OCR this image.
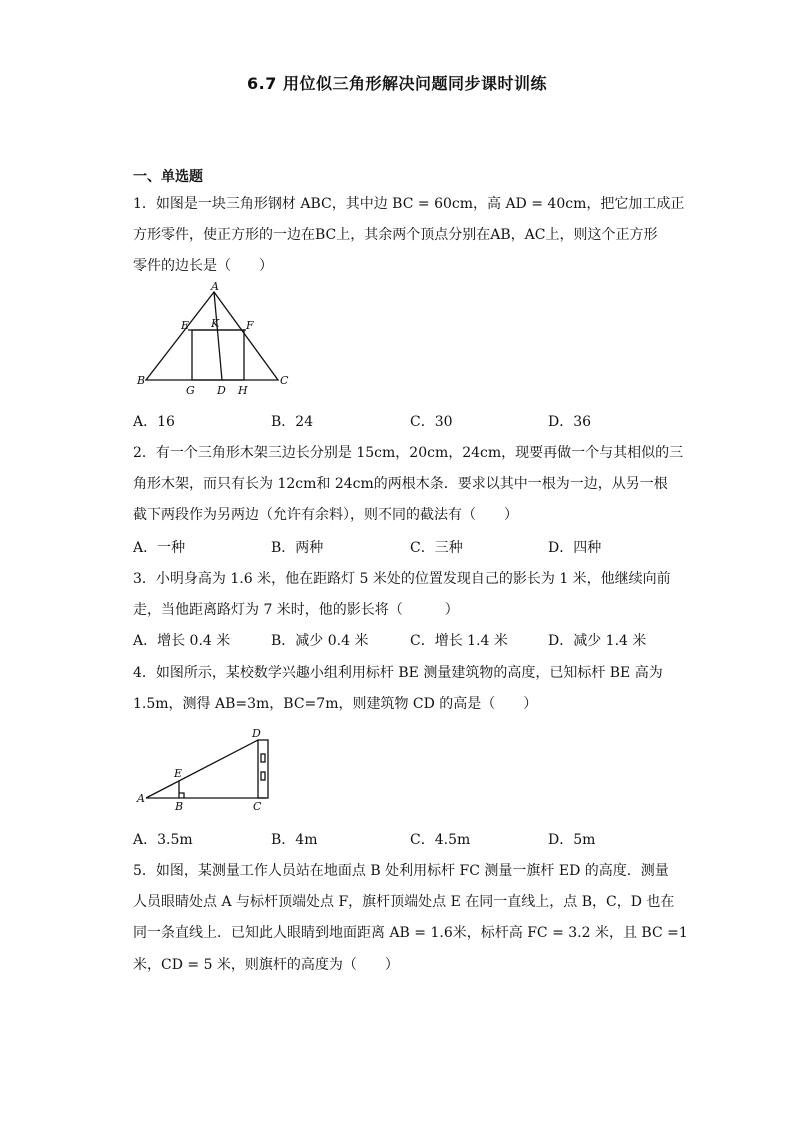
6.7 用位似三角形解决问题同步课时训练
一、单选题
1．如图是一块三角形钢材 ABC，其中边 BC = 60cm，高 AD = 40cm，把它加工成正
方形零件，使正方形的一边在BC上，其余两个顶点分别在AB，AC上，则这个正方形
零件的边长是（　　）
A
E K F
B	C
G D H
A．16	B．24	C．30	D．36
2．有一个三角形木架三边长分别是 15cm，20cm，24cm，现要再做一个与其相似的三
角形木架，而只有长为 12cm和 24cm的两根木条．要求以其中一根为一边，从另一根
截下两段作为另两边（允许有余料），则不同的截法有（　　）
A．一种	B．两种	C．三种	D．四种
3．小明身高为 1.6 米，他在距路灯 5 米处的位置发现自己的影长为 1 米，他继续向前
走，当他距离路灯为 7 米时，他的影长将（　　　）
A．增长 0.4 米	B．减少 0.4 米	C．增长 1.4 米	D．减少 1.4 米
4．如图所示，某校数学兴趣小组利用标杆 BE 测量建筑物的高度，已知标杆 BE 高为
1.5m，测得 AB=3m，BC=7m，则建筑物 CD 的高是（　　）
A
E
B	C
D
A．3.5m	B．4m	C．4.5m	D．5m
5．如图，某测量工作人员站在地面点 B 处利用标杆 FC 测量一旗杆 ED 的高度．测量
人员眼睛处点 A 与标杆顶端处点 F，旗杆顶端处点 E 在同一直线上，点 B，C，D 也在
同一条直线上．已知此人眼睛到地面距离 AB = 1.6米，标杆高 FC = 3.2 米，且 BC =1
米，CD = 5 米，则旗杆的高度为（　　）
